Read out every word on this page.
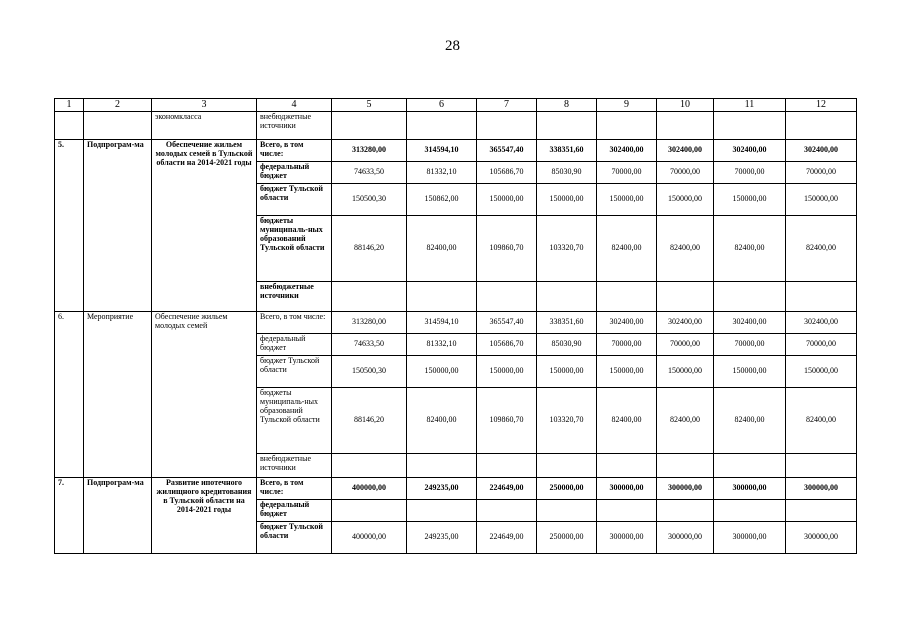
28
1	2	3	4	5	6	7	8	9	10	11	12
		экономкласса	внебюджетные источники								
5.	Подпрограм-ма	Обеспечение жильем молодых семей в Тульской области на 2014-2021 годы	Всего, в том числе:	313280,00	314594,10	365547,40	338351,60	302400,00	302400,00	302400,00	302400,00
			федеральный бюджет	74633,50	81332,10	105686,70	85030,90	70000,00	70000,00	70000,00	70000,00
			бюджет Тульской области	150500,30	150862,00	150000,00	150000,00	150000,00	150000,00	150000,00	150000,00
			бюджеты муниципаль-ных образований Тульской области	88146,20	82400,00	109860,70	103320,70	82400,00	82400,00	82400,00	82400,00
			внебюджетные источники								
6.	Мероприятие	Обеспечение жильем молодых семей	Всего, в том числе:	313280,00	314594,10	365547,40	338351,60	302400,00	302400,00	302400,00	302400,00
			федеральный бюджет	74633,50	81332,10	105686,70	85030,90	70000,00	70000,00	70000,00	70000,00
			бюджет Тульской области	150500,30	150000,00	150000,00	150000,00	150000,00	150000,00	150000,00	150000,00
			бюджеты муниципаль-ных образований Тульской области	88146,20	82400,00	109860,70	103320,70	82400,00	82400,00	82400,00	82400,00
			внебюджетные источники								
7.	Подпрограм-ма	Развитие ипотечного жилищного кредитования в Тульской области на 2014-2021 годы	Всего, в том числе:	400000,00	249235,00	224649,00	250000,00	300000,00	300000,00	300000,00	300000,00
			федеральный бюджет								
			бюджет Тульской области	400000,00	249235,00	224649,00	250000,00	300000,00	300000,00	300000,00	300000,00
